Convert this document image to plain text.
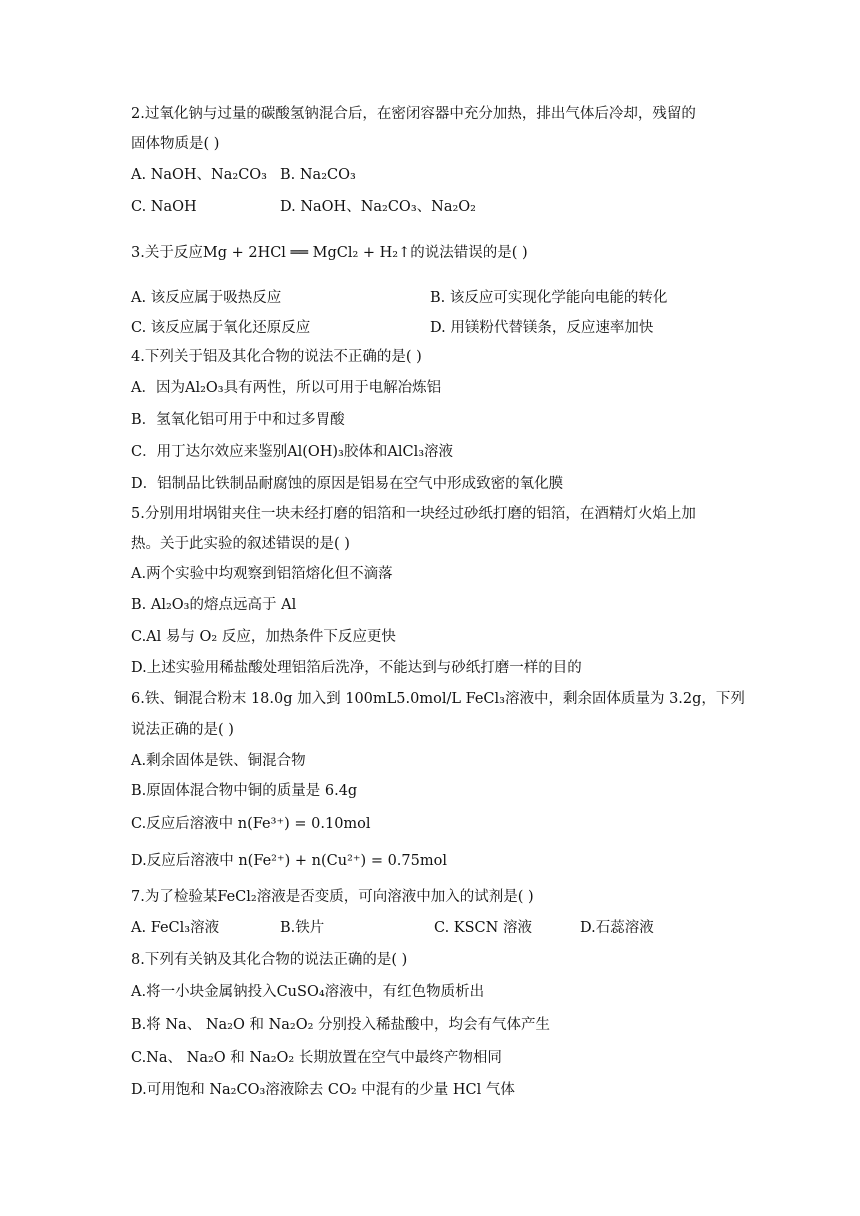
2.过氧化钠与过量的碳酸氢钠混合后，在密闭容器中充分加热，排出气体后冷却，残留的
固体物质是( )
A. NaOH、Na₂CO₃ B. Na₂CO₃
C. NaOH	D. NaOH、Na₂CO₃、Na₂O₂
3.关于反应Mg + 2HCl ══ MgCl₂ + H₂↑的说法错误的是( )
A. 该反应属于吸热反应	B. 该反应可实现化学能向电能的转化
C. 该反应属于氧化还原反应	D. 用镁粉代替镁条，反应速率加快
4.下列关于铝及其化合物的说法不正确的是( )
A．因为Al₂O₃具有两性，所以可用于电解冶炼铝
B．氢氧化铝可用于中和过多胃酸
C．用丁达尔效应来鉴别Al(OH)₃胶体和AlCl₃溶液
D．铝制品比铁制品耐腐蚀的原因是铝易在空气中形成致密的氧化膜
5.分别用坩埚钳夹住一块未经打磨的铝箔和一块经过砂纸打磨的铝箔，在酒精灯火焰上加
热。关于此实验的叙述错误的是( )
A.两个实验中均观察到铝箔熔化但不滴落
B. Al₂O₃的熔点远高于 Al
C.Al 易与 O₂ 反应，加热条件下反应更快
D.上述实验用稀盐酸处理铝箔后洗净，不能达到与砂纸打磨一样的目的
6.铁、铜混合粉末 18.0g 加入到 100mL5.0mol/L FeCl₃溶液中，剩余固体质量为 3.2g，下列
说法正确的是( )
A.剩余固体是铁、铜混合物
B.原固体混合物中铜的质量是 6.4g
C.反应后溶液中 n(Fe³⁺) = 0.10mol
D.反应后溶液中 n(Fe²⁺) + n(Cu²⁺) = 0.75mol
7.为了检验某FeCl₂溶液是否变质，可向溶液中加入的试剂是( )
A. FeCl₃溶液	B.铁片	C. KSCN 溶液	D.石蕊溶液
8.下列有关钠及其化合物的说法正确的是( )
A.将一小块金属钠投入CuSO₄溶液中，有红色物质析出
B.将 Na、 Na₂O 和 Na₂O₂ 分别投入稀盐酸中，均会有气体产生
C.Na、 Na₂O 和 Na₂O₂ 长期放置在空气中最终产物相同
D.可用饱和 Na₂CO₃溶液除去 CO₂ 中混有的少量 HCl 气体
